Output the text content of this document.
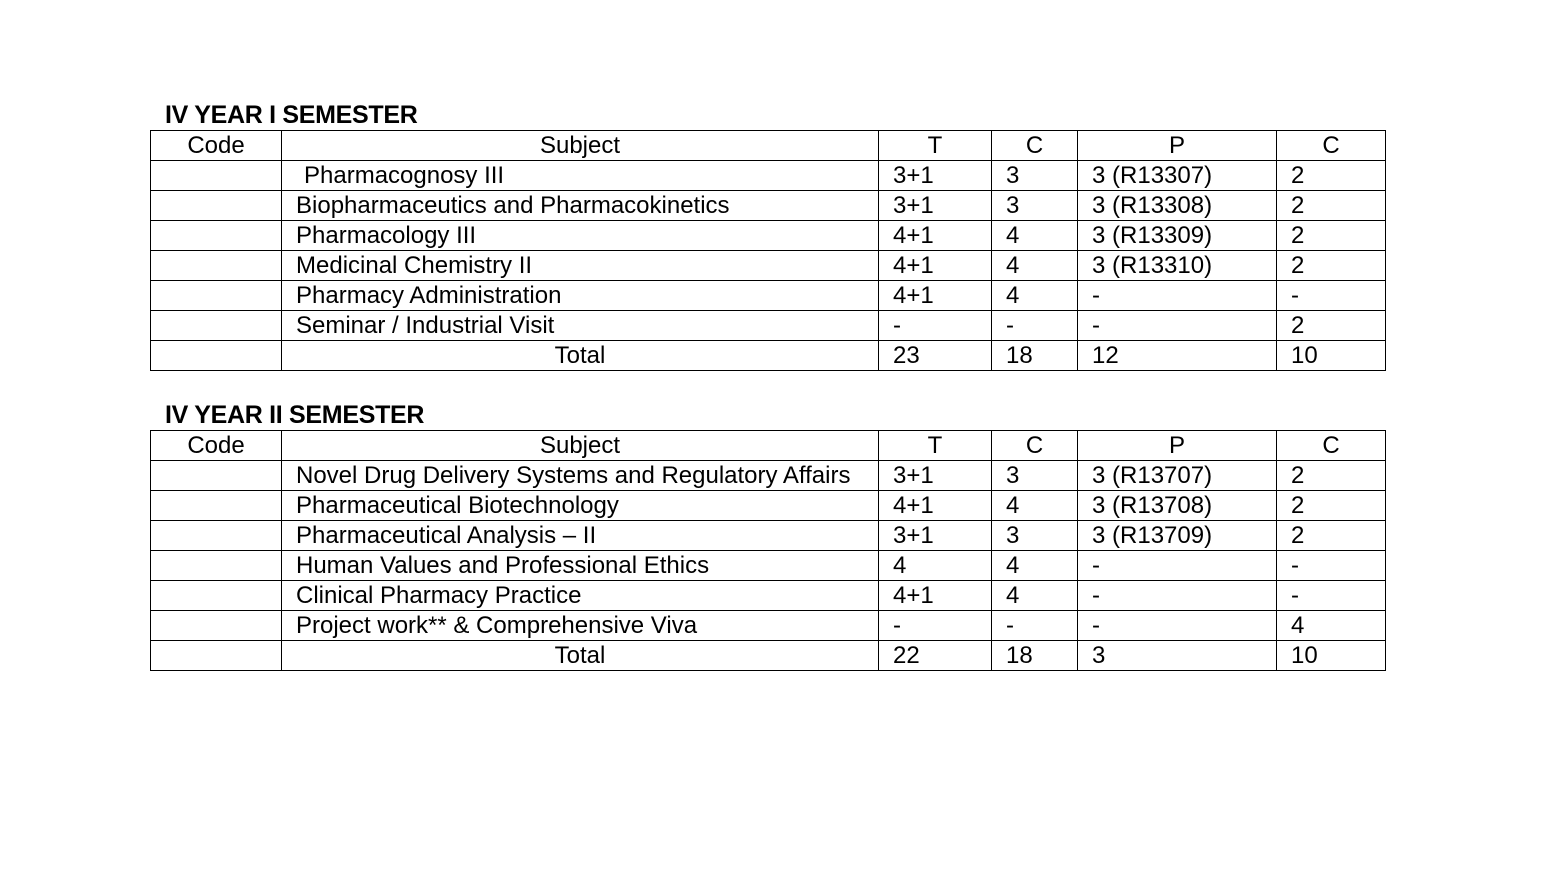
IV YEAR I SEMESTER
Code	Subject	T	C	P	C
	Pharmacognosy III	3+1	3	3 (R13307)	2
	Biopharmaceutics and Pharmacokinetics	3+1	3	3 (R13308)	2
	Pharmacology III	4+1	4	3 (R13309)	2
	Medicinal Chemistry II	4+1	4	3 (R13310)	2
	Pharmacy Administration	4+1	4	-	-
	Seminar / Industrial Visit	-	-	-	2
	Total	23	18	12	10
IV YEAR II SEMESTER
Code	Subject	T	C	P	C
	Novel Drug Delivery Systems and Regulatory Affairs	3+1	3	3 (R13707)	2
	Pharmaceutical Biotechnology	4+1	4	3 (R13708)	2
	Pharmaceutical Analysis – II	3+1	3	3 (R13709)	2
	Human Values and Professional Ethics	4	4	-	-
	Clinical Pharmacy Practice	4+1	4	-	-
	Project work** & Comprehensive Viva	-	-	-	4
	Total	22	18	3	10
